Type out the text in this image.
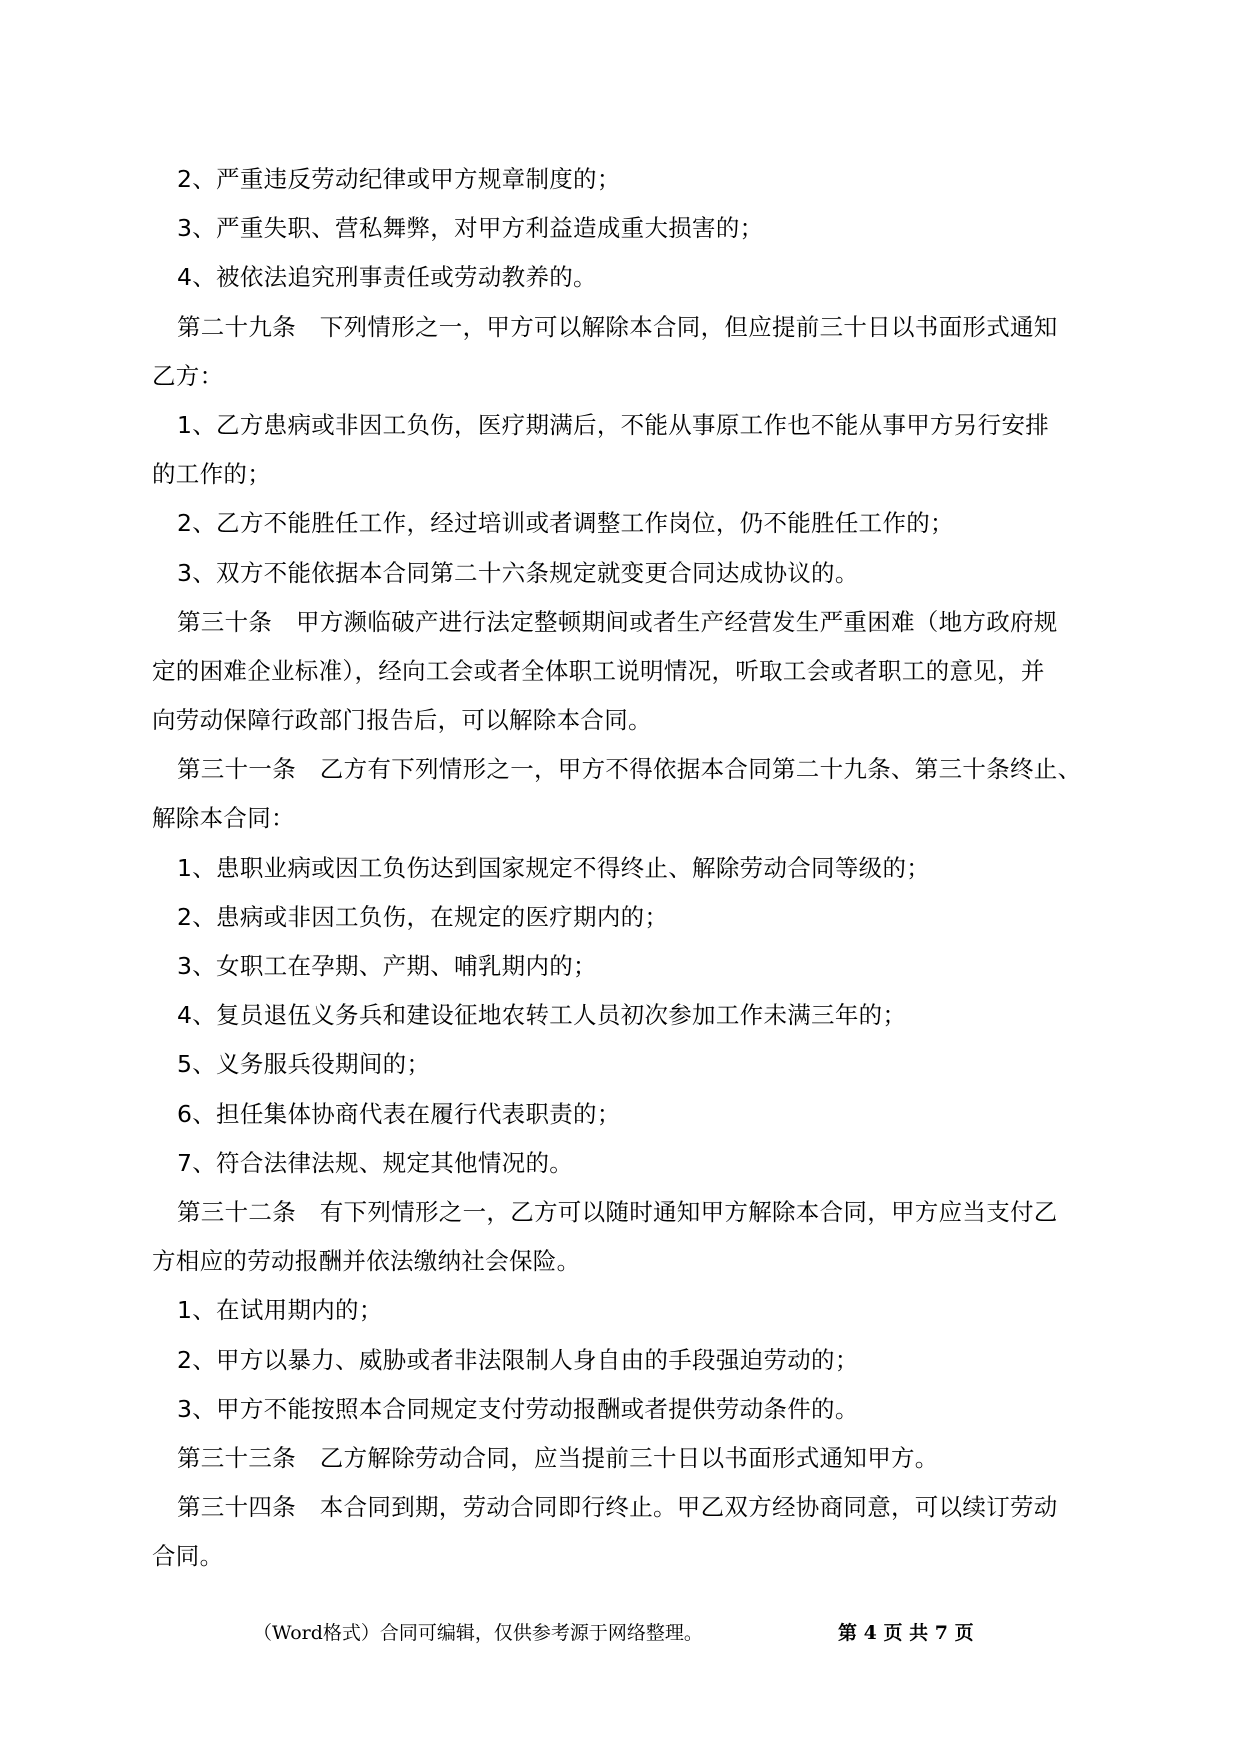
2、严重违反劳动纪律或甲方规章制度的；
3、严重失职、营私舞弊，对甲方利益造成重大损害的；
4、被依法追究刑事责任或劳动教养的。
第二十九条　下列情形之一，甲方可以解除本合同，但应提前三十日以书面形式通知
乙方：
1、乙方患病或非因工负伤，医疗期满后，不能从事原工作也不能从事甲方另行安排
的工作的；
2、乙方不能胜任工作，经过培训或者调整工作岗位，仍不能胜任工作的；
3、双方不能依据本合同第二十六条规定就变更合同达成协议的。
第三十条　甲方濒临破产进行法定整顿期间或者生产经营发生严重困难（地方政府规
定的困难企业标准），经向工会或者全体职工说明情况，听取工会或者职工的意见，并
向劳动保障行政部门报告后，可以解除本合同。
第三十一条　乙方有下列情形之一，甲方不得依据本合同第二十九条、第三十条终止、
解除本合同：
1、患职业病或因工负伤达到国家规定不得终止、解除劳动合同等级的；
2、患病或非因工负伤，在规定的医疗期内的；
3、女职工在孕期、产期、哺乳期内的；
4、复员退伍义务兵和建设征地农转工人员初次参加工作未满三年的；
5、义务服兵役期间的；
6、担任集体协商代表在履行代表职责的；
7、符合法律法规、规定其他情况的。
第三十二条　有下列情形之一，乙方可以随时通知甲方解除本合同，甲方应当支付乙
方相应的劳动报酬并依法缴纳社会保险。
1、在试用期内的；
2、甲方以暴力、威胁或者非法限制人身自由的手段强迫劳动的；
3、甲方不能按照本合同规定支付劳动报酬或者提供劳动条件的。
第三十三条　乙方解除劳动合同，应当提前三十日以书面形式通知甲方。
第三十四条　本合同到期，劳动合同即行终止。甲乙双方经协商同意，可以续订劳动
合同。
（Word格式）合同可编辑，仅供参考源于网络整理。	第 4 页 共 7 页
